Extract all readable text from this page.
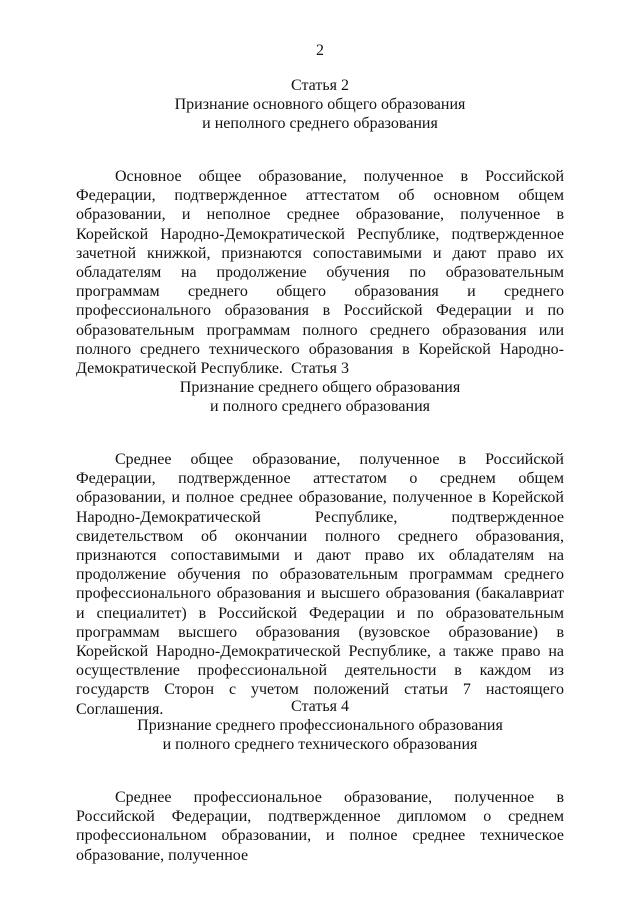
2

Статья 2

Признание основного общего образования

и неполного среднего образования

Основное общее образование, полученное в Российской Федерации, подтвержденное аттестатом об основном общем образовании, и неполное среднее образование, полученное в Корейской Народно-Демократической Республике, подтвержденное зачетной книжкой, признаются сопоставимыми и дают право их обладателям на продолжение обучения по образовательным программам среднего общего образования и среднего профессионального образования в Российской Федерации и по образовательным программам полного среднего образования или полного среднего технического образования в Корейской Народно-Демократической Республике. Статья 3

Признание среднего общего образования

и полного среднего образования

Среднее общее образование, полученное в Российской Федерации, подтвержденное аттестатом о среднем общем образовании, и полное среднее образование, полученное в Корейской Народно-Демократической Республике, подтвержденное свидетельством об окончании полного среднего образования, признаются сопоставимыми и дают право их обладателям на продолжение обучения по образовательным программам среднего профессионального образования и высшего образования (бакалавриат и специалитет) в Российской Федерации и по образовательным программам высшего образования (вузовское образование) в Корейской Народно-Демократической Республике, а также право на осуществление профессиональной деятельности в каждом из государств Сторон с учетом положений статьи 7 настоящего Соглашения.	Статья 4

Признание среднего профессионального образования

и полного среднего технического образования

Среднее профессиональное образование, полученное в Российской Федерации, подтвержденное дипломом о среднем профессиональном образовании, и полное среднее техническое образование, полученное
